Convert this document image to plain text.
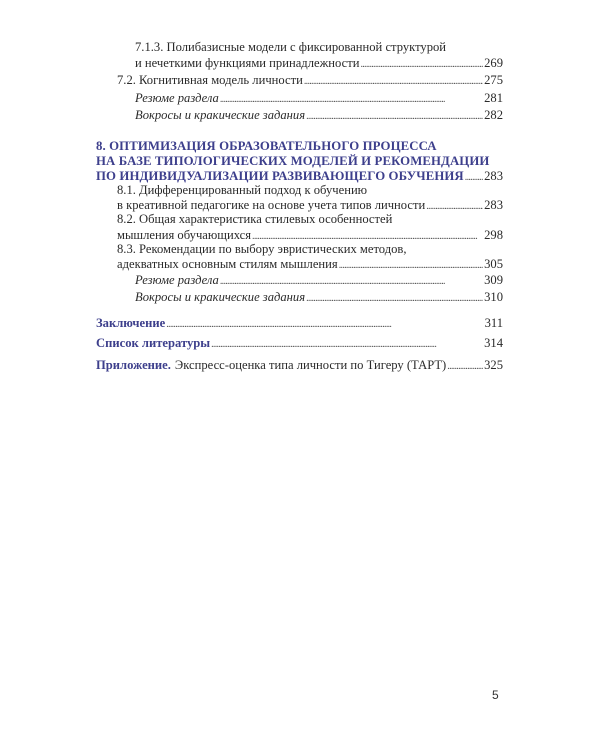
7.1.3. Полибазисные модели с фиксированной структурой
и нечеткими функциями принадлежности . . .	269
7.2. Когнитивная модель личности . . .	275
Резюме раздела . . .	281
Вокросы и кракические задания . . .	282
8. ОПТИМИЗАЦИЯ ОБРАЗОВАТЕЛЬНОГО ПРОЦЕССА
НА БАЗЕ ТИПОЛОГИЧЕСКИХ МОДЕЛЕЙ И РЕКОМЕНДАЦИИ
ПО ИНДИВИДУАЛИЗАЦИИ РАЗВИВАЮЩЕГО ОБУЧЕНИЯ . . . 283
8.1. Дифференцированный подход к обучению
в креативной педагогике на основе учета типов личности . . .	283
8.2. Общая характеристика стилевых особенностей
мышления обучающихся . . .	298
8.3. Рекомендации по выбору эвристических методов,
адекватных основным стилям мышления . . .	305
Резюме раздела . . .	309
Вокросы и кракические задания . . .	310
Заключение . . .	311
Список литературы . . .	314
Приложение. Экспресс-оценка типа личности по Тигеру (ТАРТ) . . .	325
5
